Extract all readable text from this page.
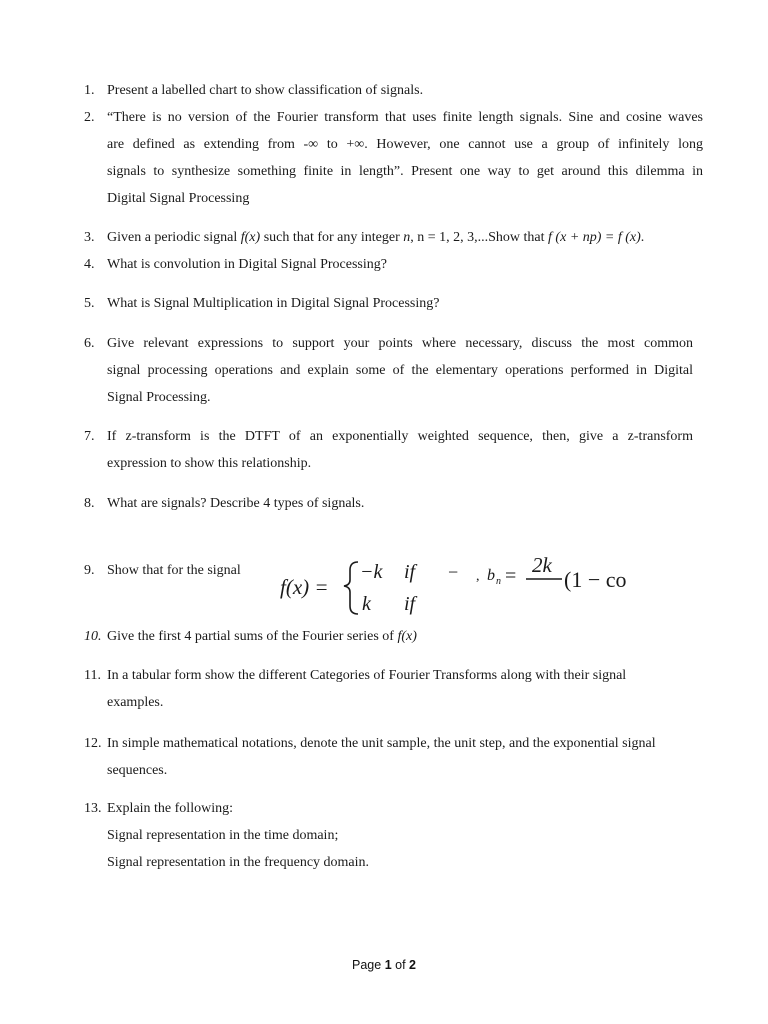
1. Present a labelled chart to show classification of signals.
2. “There is no version of the Fourier transform that uses finite length signals. Sine and cosine waves
are defined as extending from -∞ to +∞. However, one cannot use a group of infinitely long
signals to synthesize something finite in length”. Present one way to get around this dilemma in
Digital Signal Processing
3. Given a periodic signal f(x) such that for any integer n, n = 1, 2, 3,...Show that f (x + np) = f (x).
4. What is convolution in Digital Signal Processing?
5. What is Signal Multiplication in Digital Signal Processing?
6. Give relevant expressions to support your points where necessary, discuss the most common
signal processing operations and explain some of the elementary operations performed in Digital
Signal Processing.
7. If z-transform is the DTFT of an exponentially weighted sequence, then, give a z-transform
expression to show this relationship.
8. What are signals? Describe 4 types of signals.
9. Show that for the signal
f(x) =
−k if −
k if
, b n = 2k
(1 − co
10. Give the first 4 partial sums of the Fourier series of f(x)
11. In a tabular form show the different Categories of Fourier Transforms along with their signal
examples.
12. In simple mathematical notations, denote the unit sample, the unit step, and the exponential signal
sequences.
13. Explain the following:
Signal representation in the time domain;
Signal representation in the frequency domain.
Page 1 of 2
